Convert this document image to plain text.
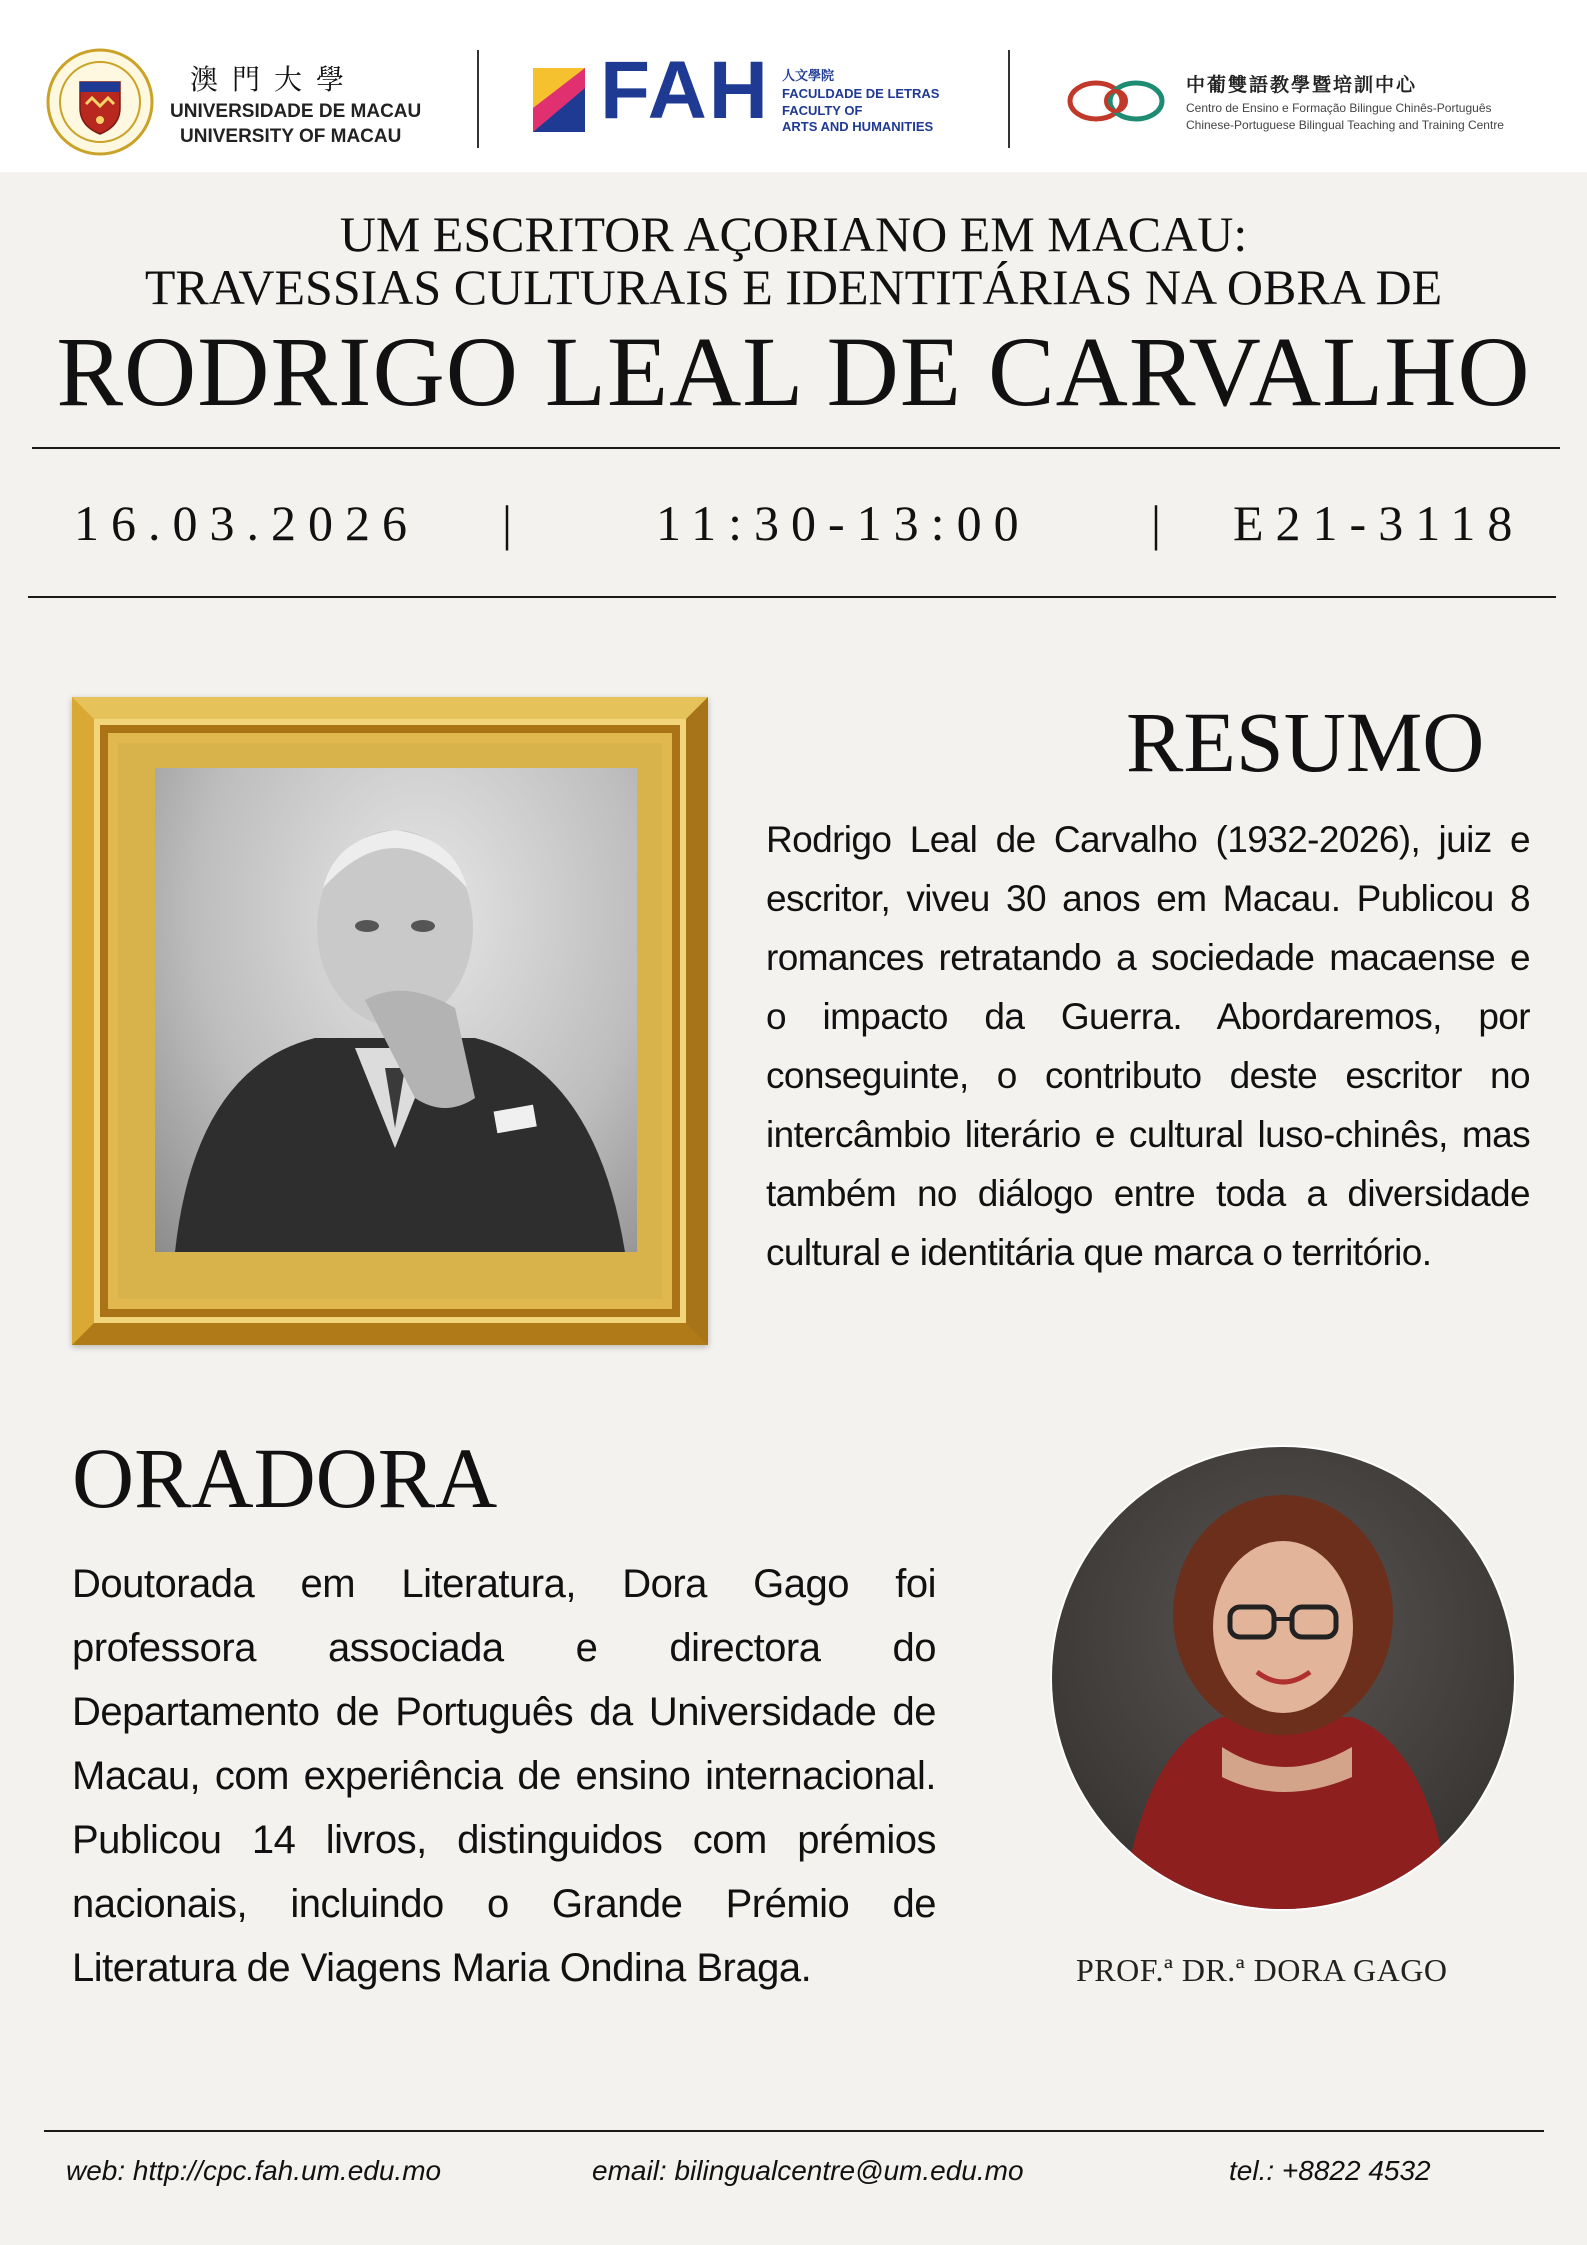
澳門大學
UNIVERSIDADE DE MACAU
UNIVERSITY OF MACAU
FAH 人文學院
FACULDADE DE LETRAS
FACULTY OF
ARTS AND HUMANITIES
中葡雙語教學暨培訓中心
Centro de Ensino e Formação Bilingue Chinês-Português
Chinese-Portuguese Bilingual Teaching and Training Centre
UM ESCRITOR AÇORIANO EM MACAU:
TRAVESSIAS CULTURAIS E IDENTITÁRIAS NA OBRA DE
RODRIGO LEAL DE CARVALHO
16.03.2026 |	11:30-13:00 | E21-3118
RESUMO
Rodrigo Leal de Carvalho (1932-2026), juiz e escritor, viveu 30 anos em Macau. Publicou 8 romances retratando a sociedade macaense e o impacto da Guerra. Abordaremos, por conseguinte, o contributo deste escritor no intercâmbio literário e cultural luso-chinês, mas também no diálogo entre toda a diversidade cultural e identitária que marca o território.
ORADORA
Doutorada em Literatura, Dora Gago foi professora associada e directora do Departamento de Português da Universidade de Macau, com experiência de ensino internacional. Publicou 14 livros, distinguidos com prémios nacionais, incluindo o Grande Prémio de Literatura de Viagens Maria Ondina Braga.	PROF.ª DR.ª DORA GAGO
web: http://cpc.fah.um.edu.mo	email: bilingualcentre@um.edu.mo	tel.: +8822 4532
